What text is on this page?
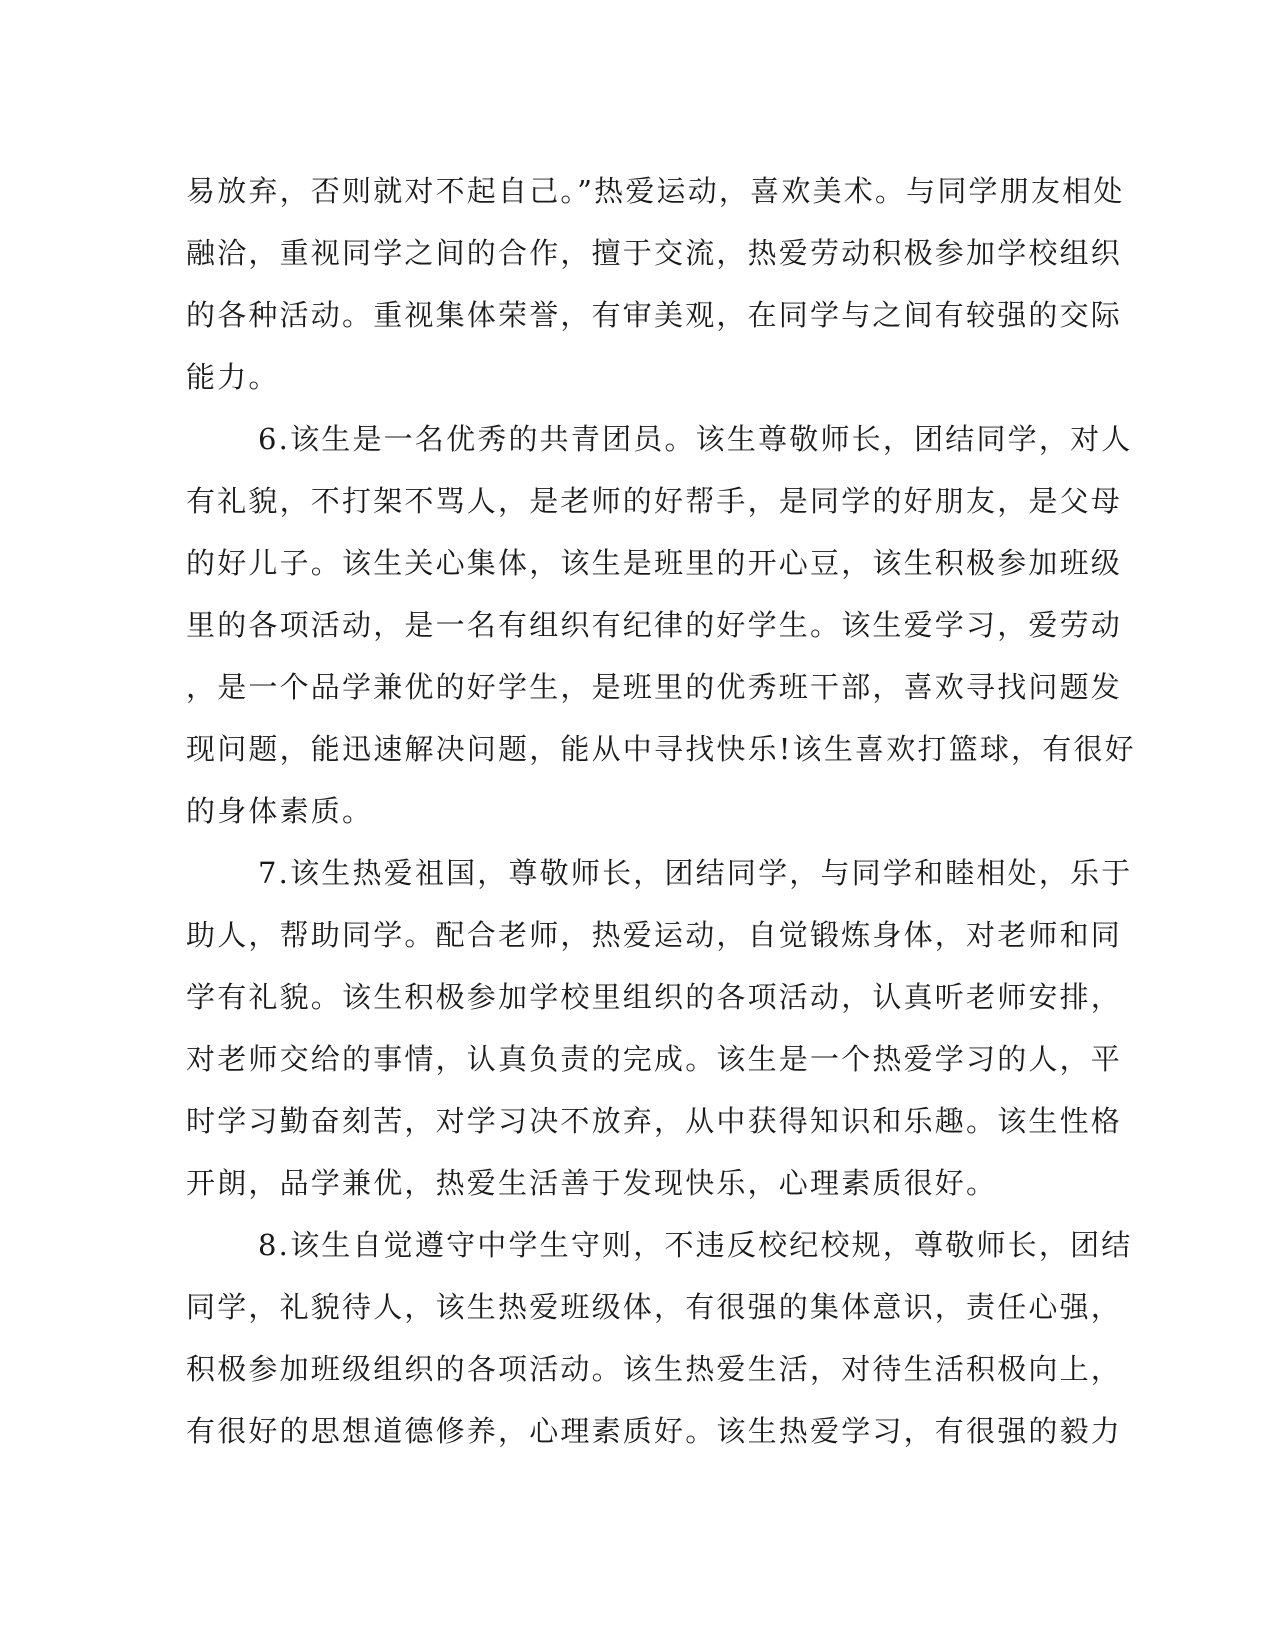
易放弃，否则就对不起自己。”热爱运动，喜欢美术。与同学朋友相处
融洽，重视同学之间的合作，擅于交流，热爱劳动积极参加学校组织
的各种活动。重视集体荣誉，有审美观，在同学与之间有较强的交际
能力。
6.该生是一名优秀的共青团员。该生尊敬师长，团结同学，对人
有礼貌，不打架不骂人，是老师的好帮手，是同学的好朋友，是父母
的好儿子。该生关心集体，该生是班里的开心豆，该生积极参加班级
里的各项活动，是一名有组织有纪律的好学生。该生爱学习，爱劳动
，是一个品学兼优的好学生，是班里的优秀班干部，喜欢寻找问题发
现问题，能迅速解决问题，能从中寻找快乐!该生喜欢打篮球，有很好
的身体素质。
7.该生热爱祖国，尊敬师长，团结同学，与同学和睦相处，乐于
助人，帮助同学。配合老师，热爱运动，自觉锻炼身体，对老师和同
学有礼貌。该生积极参加学校里组织的各项活动，认真听老师安排，
对老师交给的事情，认真负责的完成。该生是一个热爱学习的人，平
时学习勤奋刻苦，对学习决不放弃，从中获得知识和乐趣。该生性格
开朗，品学兼优，热爱生活善于发现快乐，心理素质很好。
8.该生自觉遵守中学生守则，不违反校纪校规，尊敬师长，团结
同学，礼貌待人，该生热爱班级体，有很强的集体意识，责任心强，
积极参加班级组织的各项活动。该生热爱生活，对待生活积极向上，
有很好的思想道德修养，心理素质好。该生热爱学习，有很强的毅力
